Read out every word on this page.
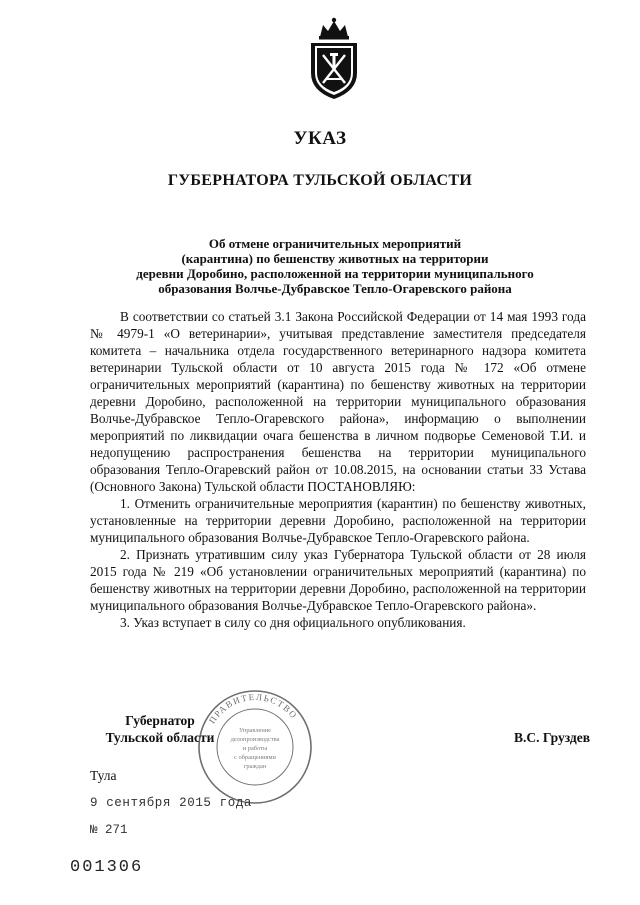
УКАЗ
ГУБЕРНАТОРА ТУЛЬСКОЙ ОБЛАСТИ
Об отмене ограничительных мероприятий
(карантина) по бешенству животных на территории
деревни Доробино, расположенной на территории муниципального
образования Волчье-Дубравское Тепло-Огаревского района

В соответствии со статьей 3.1 Закона Российской Федерации от 14 мая 1993 года № 4979-1 «О ветеринарии», учитывая представление заместителя председателя комитета – начальника отдела государственного ветеринарного надзора комитета ветеринарии Тульской области от 10 августа 2015 года № 172 «Об отмене ограничительных мероприятий (карантина) по бешенству животных на территории деревни Доробино, расположенной на территории муниципального образования Волчье-Дубравское Тепло-Огаревского района», информацию о выполнении мероприятий по ликвидации очага бешенства в личном подворье Семеновой Т.И. и недопущению распространения бешенства на территории муниципального образования Тепло-Огаревский район от 10.08.2015, на основании статьи 33 Устава (Основного Закона) Тульской области ПОСТАНОВЛЯЮ:

1. Отменить ограничительные мероприятия (карантин) по бешенству животных, установленные на территории деревни Доробино, расположенной на территории муниципального образования Волчье-Дубравское Тепло-Огаревского района.

2. Признать утратившим силу указ Губернатора Тульской области от 28 июля 2015 года № 219 «Об установлении ограничительных мероприятий (карантина) по бешенству животных на территории деревни Доробино, расположенной на территории муниципального образования Волчье-Дубравское Тепло-Огаревского района».

3. Указ вступает в силу со дня официального опубликования.

Губернатор
Тульской области
ПРАВИТЕЛЬСТВО
Управление
делопроизводства
и работы
с обращениями
граждан
В.С. Груздев
Тула
9 сентября 2015 года
№ 271
001306
